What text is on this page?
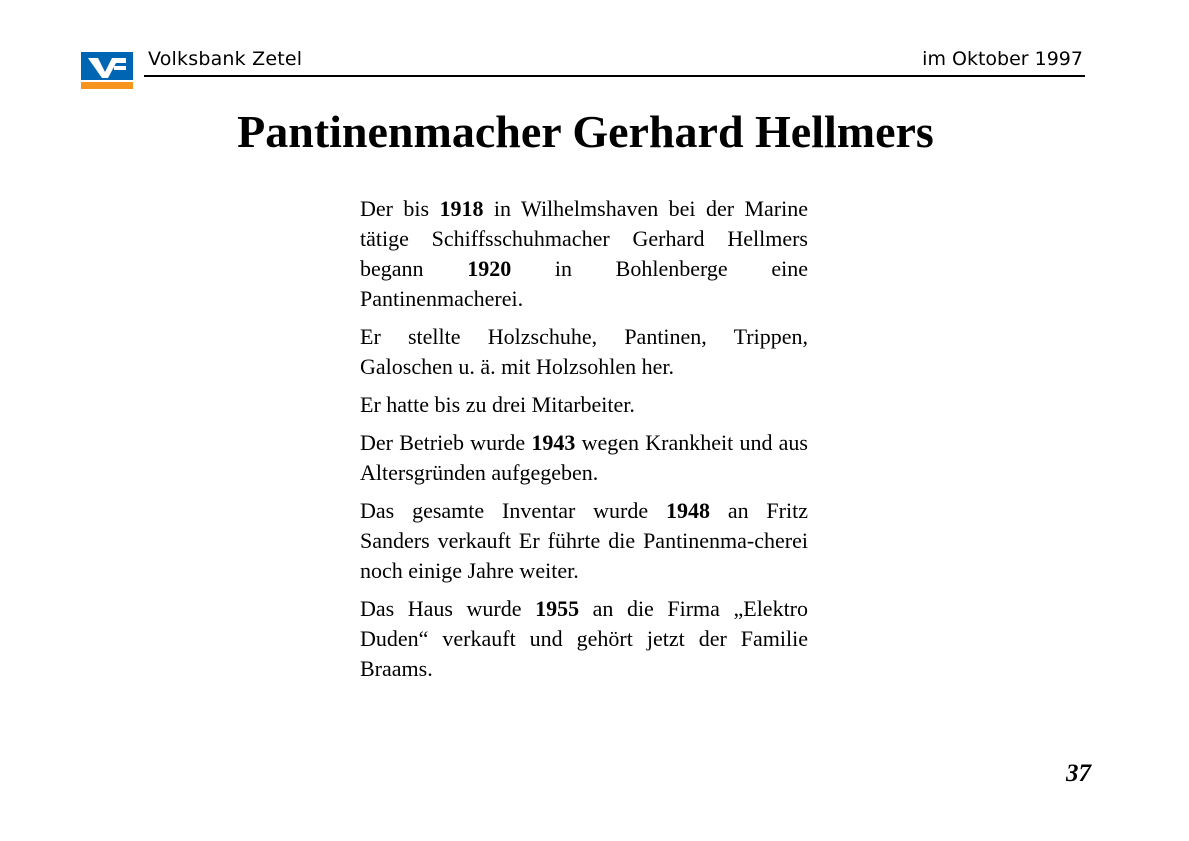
Volksbank Zetel	im Oktober 1997
Pantinenmacher Gerhard Hellmers

Der bis 1918 in Wilhelmshaven bei der Marine tätige Schiffsschuhmacher Gerhard Hellmers begann 1920 in Bohlenberge eine Pantinenmacherei.

Er stellte Holzschuhe, Pantinen, Trippen, Galoschen u. ä. mit Holzsohlen her.

Er hatte bis zu drei Mitarbeiter.

Der Betrieb wurde 1943 wegen Krankheit und aus Altersgründen aufgegeben.

Das gesamte Inventar wurde 1948 an Fritz Sanders verkauft Er führte die Pantinenma-cherei noch einige Jahre weiter.

Das Haus wurde 1955 an die Firma „Elektro Duden“ verkauft und gehört jetzt der Familie Braams.

37
